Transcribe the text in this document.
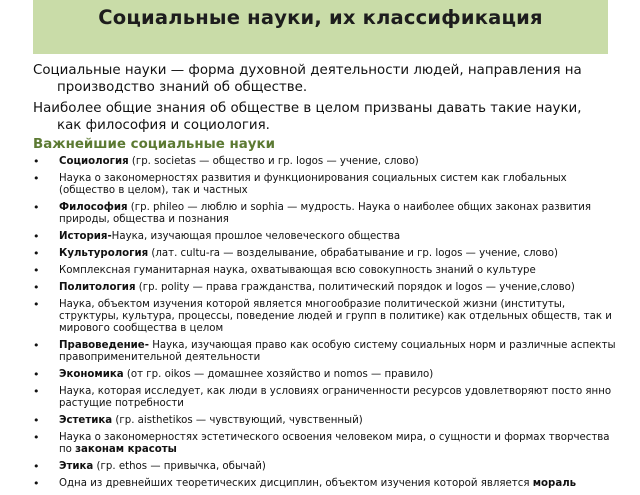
Социальные науки, их классификация

Социальные науки — форма духовной деятельности людей, направления на
производство знаний об обществе.

Наиболее общие знания об обществе в целом призваны давать такие науки,
как философия и социология.

Важнейшие социальные науки
• Социология (гр. societas — общество и гр. logos — учение, слово)
• Наука о закономерностях развития и функционирования социальных систем как глобальных (общество в целом), так и частных
• Философия (гр. phileo — люблю и sophia — мудрость. Наука о наиболее общих законах развития природы, общества и познания
• История-Наука, изучающая прошлое человеческого общества
• Культурология (лат. cultu-ra — возделывание, обрабатывание и гр. logos — учение, слово)
• Комплексная гуманитарная наука, охватывающая всю совокупность знаний о культуре
• Политология (гр. polity — права гражданства, политический порядок и logos — учение,слово)
• Наука, объектом изучения которой является многообразие политической жизни (институты, структуры, культура, процессы, поведение людей и групп в политике) как отдельных обществ, так и мирового сообщества в целом
• Правоведение- Наука, изучающая право как особую систему социальных норм и различные аспекты правоприменительной деятельности
• Экономика (от гр. oikos — домашнее хозяйство и nomos — правило)
• Наука, которая исследует, как люди в условиях ограниченности ресурсов удовлетворяют посто янно растущие потребности
• Эстетика (гр. aisthetikos — чувствующий, чувственный)
• Наука о закономерностях эстетического освоения человеком мира, о сущности и формах творчества по законам красоты
• Этика (гр. ethos — привычка, обычай)
• Одна из древнейших теоретических дисциплин, объектом изучения которой является мораль
